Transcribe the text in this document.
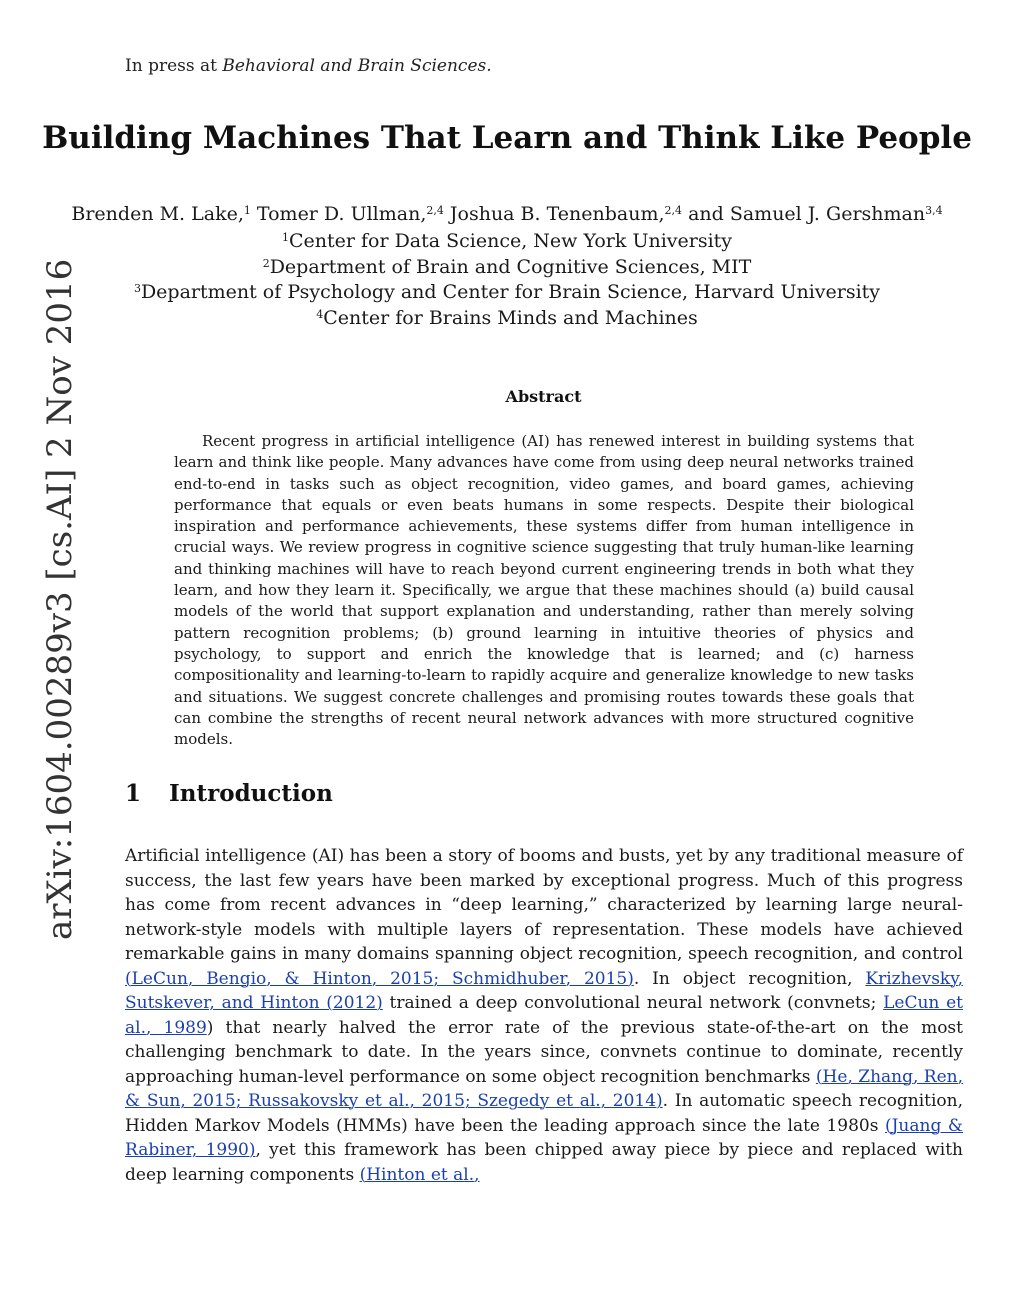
In press at Behavioral and Brain Sciences.
arXiv:1604.00289v3 [cs.AI] 2 Nov 2016
Building Machines That Learn and Think Like People
Brenden M. Lake,$^1$ Tomer D. Ullman,$^{2,4}$ Joshua B. Tenenbaum,$^{2,4}$ and Samuel J. Gershman$^{3,4}$
$^1$Center for Data Science, New York University
$^2$Department of Brain and Cognitive Sciences, MIT
$^3$Department of Psychology and Center for Brain Science, Harvard University
$^4$Center for Brains Minds and Machines
Abstract

Recent progress in artificial intelligence (AI) has renewed interest in building systems that learn and think like people. Many advances have come from using deep neural networks trained end-to-end in tasks such as object recognition, video games, and board games, achieving performance that equals or even beats humans in some respects. Despite their biological inspiration and performance achievements, these systems differ from human intelligence in crucial ways. We review progress in cognitive science suggesting that truly human-like learning and thinking machines will have to reach beyond current engineering trends in both what they learn, and how they learn it. Specifically, we argue that these machines should (a) build causal models of the world that support explanation and understanding, rather than merely solving pattern recognition problems; (b) ground learning in intuitive theories of physics and psychology, to support and enrich the knowledge that is learned; and (c) harness compositionality and learning-to-learn to rapidly acquire and generalize knowledge to new tasks and situations. We suggest concrete challenges and promising routes towards these goals that can combine the strengths of recent neural network advances with more structured cognitive models.

1 Introduction

Artificial intelligence (AI) has been a story of booms and busts, yet by any traditional measure of success, the last few years have been marked by exceptional progress. Much of this progress has come from recent advances in “deep learning,” characterized by learning large neural-network-style models with multiple layers of representation. These models have achieved remarkable gains in many domains spanning object recognition, speech recognition, and control (LeCun, Bengio, & Hinton, 2015; Schmidhuber, 2015). In object recognition, Krizhevsky, Sutskever, and Hinton (2012) trained a deep convolutional neural network (convnets; LeCun et al., 1989) that nearly halved the error rate of the previous state-of-the-art on the most challenging benchmark to date. In the years since, convnets continue to dominate, recently approaching human-level performance on some object recognition benchmarks (He, Zhang, Ren, & Sun, 2015; Russakovsky et al., 2015; Szegedy et al., 2014). In automatic speech recognition, Hidden Markov Models (HMMs) have been the leading approach since the late 1980s (Juang & Rabiner, 1990), yet this framework has been chipped away piece by piece and replaced with deep learning components (Hinton et al.,
